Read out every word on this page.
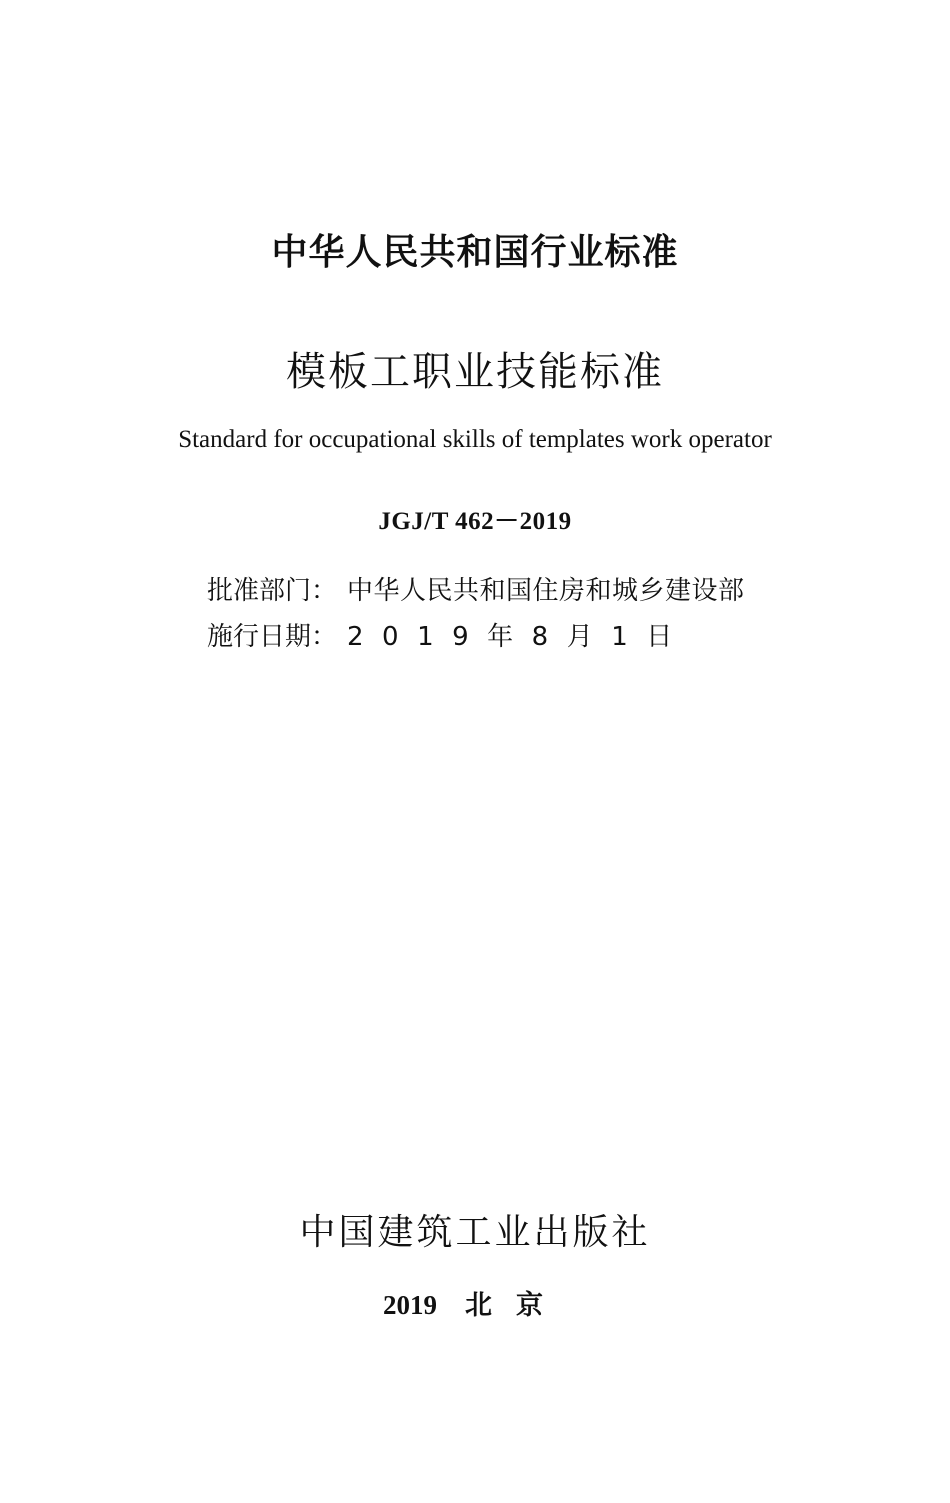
中华人民共和国行业标准
模板工职业技能标准
Standard for occupational skills of templates work operator
JGJ/T 462－2019
批准部门： 中华人民共和国住房和城乡建设部
施行日期： 2019年8月1日
中国建筑工业出版社
2019 北京
